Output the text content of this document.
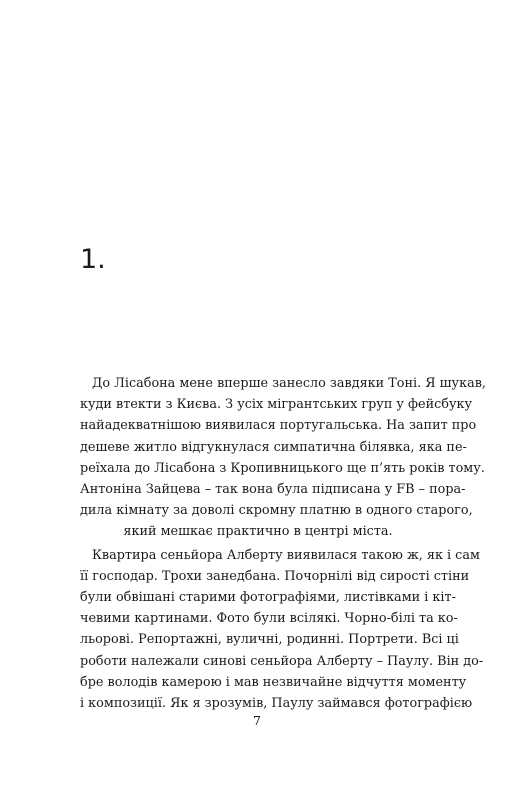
1.
До Лісабона мене вперше занесло завдяки Тоні. Я шукав,
куди втекти з Києва. З усіх мігрантських груп у фейсбуку
найадекватнішою виявилася португальська. На запит про
дешеве житло відгукнулася симпатична білявка, яка пе-
реїхала до Лісабона з Кропивницького ще п’ять років тому.
Антоніна Зайцева – так вона була підписана у FB – пора-
дила кімнату за доволі скромну платню в одного старого,
який мешкає практично в центрі міста.
Квартира сеньйора Алберту виявилася такою ж, як і сам
її господар. Трохи занедбана. Почорнілі від сирості стіни
були обвішані старими фотографіями, листівками і кіт-
чевими картинами. Фото були всілякі. Чорно-білі та ко-
льорові. Репортажні, вуличні, родинні. Портрети. Всі ці
роботи належали синові сеньйора Алберту – Паулу. Він до-
бре володів камерою і мав незвичайне відчуття моменту
і композиції. Як я зрозумів, Паулу займався фотографією
7
